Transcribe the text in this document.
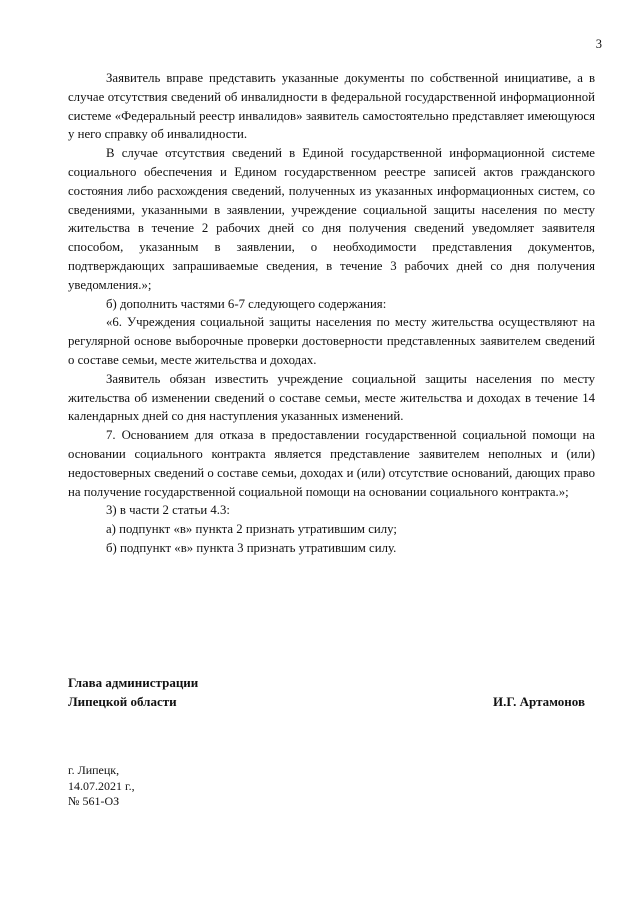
3

Заявитель вправе представить указанные документы по собственной инициативе, а в случае отсутствия сведений об инвалидности в федеральной государственной информационной системе «Федеральный реестр инвалидов» заявитель самостоятельно представляет имеющуюся у него справку об инвалидности.

В случае отсутствия сведений в Единой государственной информационной системе социального обеспечения и Едином государственном реестре записей актов гражданского состояния либо расхождения сведений, полученных из указанных информационных систем, со сведениями, указанными в заявлении, учреждение социальной защиты населения по месту жительства в течение 2 рабочих дней со дня получения сведений уведомляет заявителя способом, указанным в заявлении, о необходимости представления документов, подтверждающих запрашиваемые сведения, в течение 3 рабочих дней со дня получения уведомления.»;

б) дополнить частями 6-7 следующего содержания:

«6. Учреждения социальной защиты населения по месту жительства осуществляют на регулярной основе выборочные проверки достоверности представленных заявителем сведений о составе семьи, месте жительства и доходах.

Заявитель обязан известить учреждение социальной защиты населения по месту жительства об изменении сведений о составе семьи, месте жительства и доходах в течение 14 календарных дней со дня наступления указанных изменений.

7. Основанием для отказа в предоставлении государственной социальной помощи на основании социального контракта является представление заявителем неполных и (или) недостоверных сведений о составе семьи, доходах и (или) отсутствие оснований, дающих право на получение государственной социальной помощи на основании социального контракта.»;

3) в части 2 статьи 4.3:

а) подпункт «в» пункта 2 признать утратившим силу;

б) подпункт «в» пункта 3 признать утратившим силу.

Глава администрации
Липецкой области	И.Г. Артамонов
г. Липецк,
14.07.2021 г.,
№ 561-ОЗ
